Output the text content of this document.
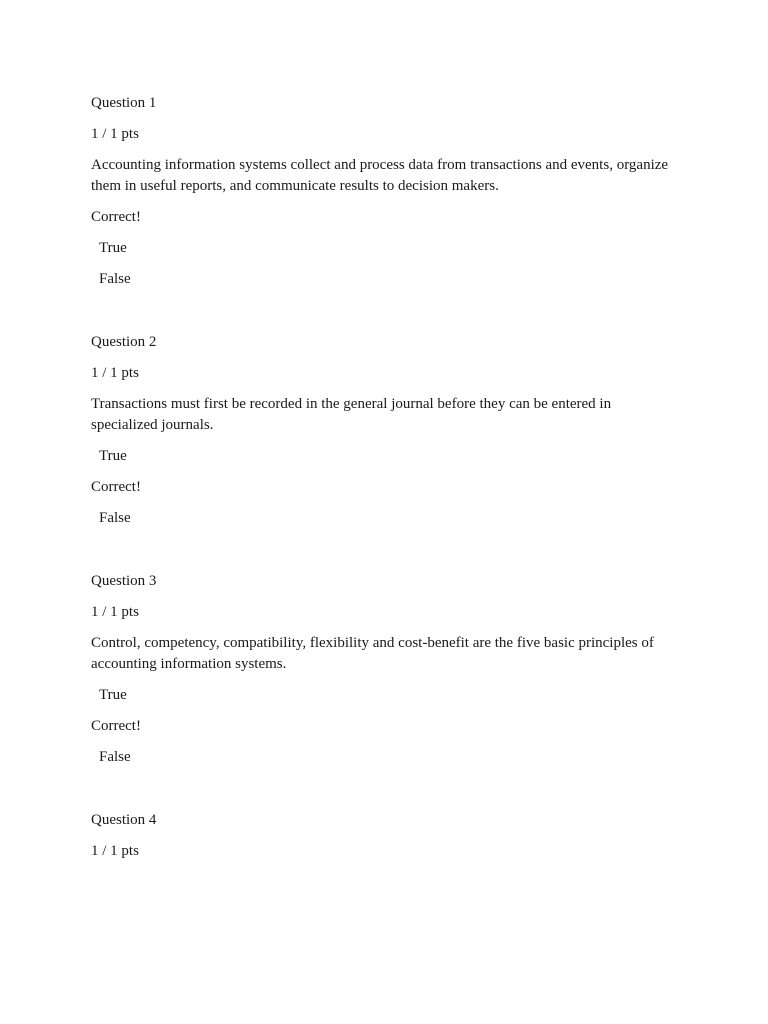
Question 1
1 / 1 pts
Accounting information systems collect and process data from transactions and events, organize them in useful reports, and communicate results to decision makers.
Correct!
True
False
Question 2
1 / 1 pts
Transactions must first be recorded in the general journal before they can be entered in specialized journals.
True
Correct!
False
Question 3
1 / 1 pts
Control, competency, compatibility, flexibility and cost-benefit are the five basic principles of accounting information systems.
True
Correct!
False
Question 4
1 / 1 pts
